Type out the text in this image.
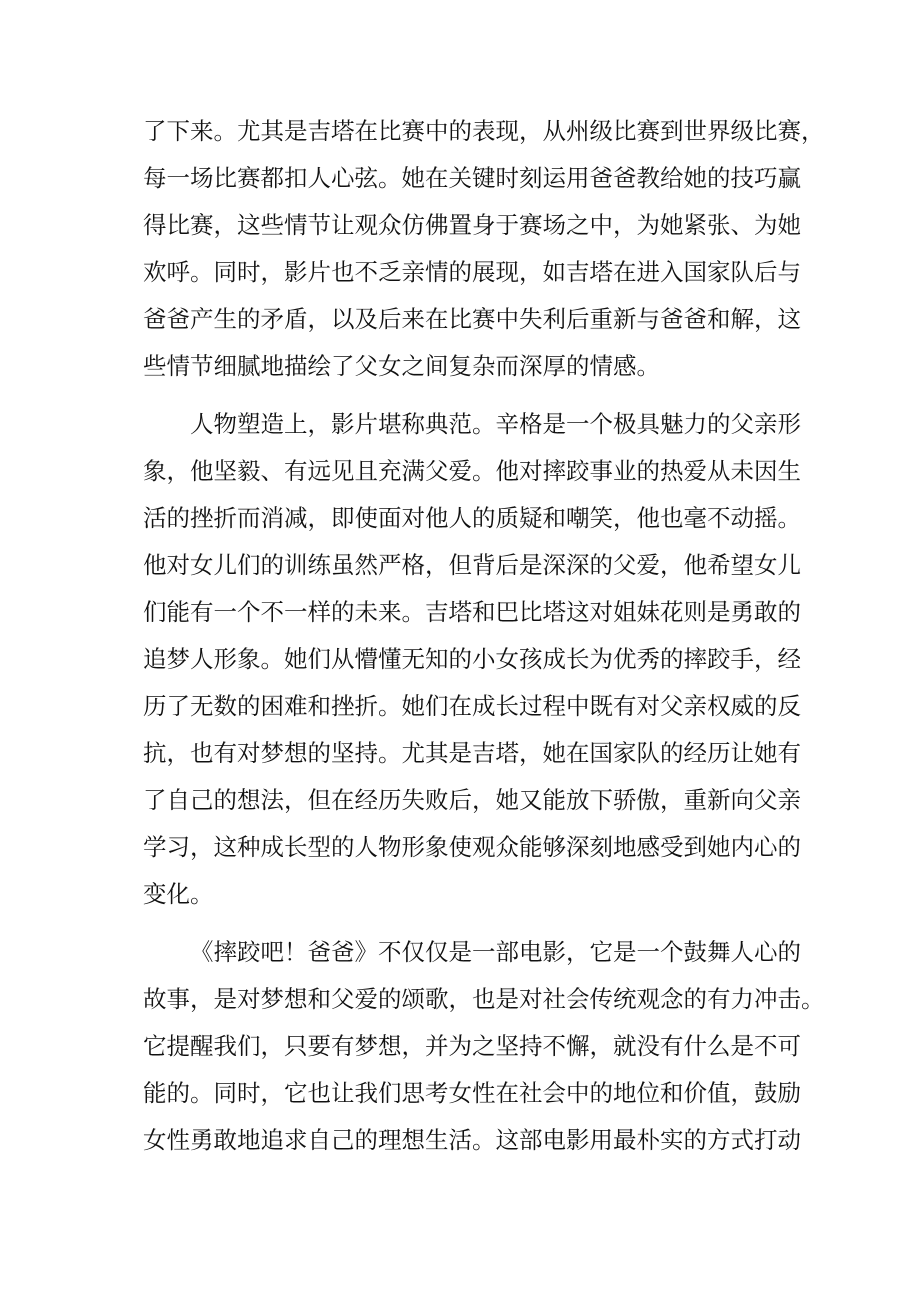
了下来。尤其是吉塔在比赛中的表现，从州级比赛到世界级比赛，
每一场比赛都扣人心弦。她在关键时刻运用爸爸教给她的技巧赢
得比赛，这些情节让观众仿佛置身于赛场之中，为她紧张、为她
欢呼。同时，影片也不乏亲情的展现，如吉塔在进入国家队后与
爸爸产生的矛盾，以及后来在比赛中失利后重新与爸爸和解，这
些情节细腻地描绘了父女之间复杂而深厚的情感。
人物塑造上，影片堪称典范。辛格是一个极具魅力的父亲形
象，他坚毅、有远见且充满父爱。他对摔跤事业的热爱从未因生
活的挫折而消减，即使面对他人的质疑和嘲笑，他也毫不动摇。
他对女儿们的训练虽然严格，但背后是深深的父爱，他希望女儿
们能有一个不一样的未来。吉塔和巴比塔这对姐妹花则是勇敢的
追梦人形象。她们从懵懂无知的小女孩成长为优秀的摔跤手，经
历了无数的困难和挫折。她们在成长过程中既有对父亲权威的反
抗，也有对梦想的坚持。尤其是吉塔，她在国家队的经历让她有
了自己的想法，但在经历失败后，她又能放下骄傲，重新向父亲
学习，这种成长型的人物形象使观众能够深刻地感受到她内心的
变化。
《摔跤吧！爸爸》不仅仅是一部电影，它是一个鼓舞人心的
故事，是对梦想和父爱的颂歌，也是对社会传统观念的有力冲击。
它提醒我们，只要有梦想，并为之坚持不懈，就没有什么是不可
能的。同时，它也让我们思考女性在社会中的地位和价值，鼓励
女性勇敢地追求自己的理想生活。这部电影用最朴实的方式打动
